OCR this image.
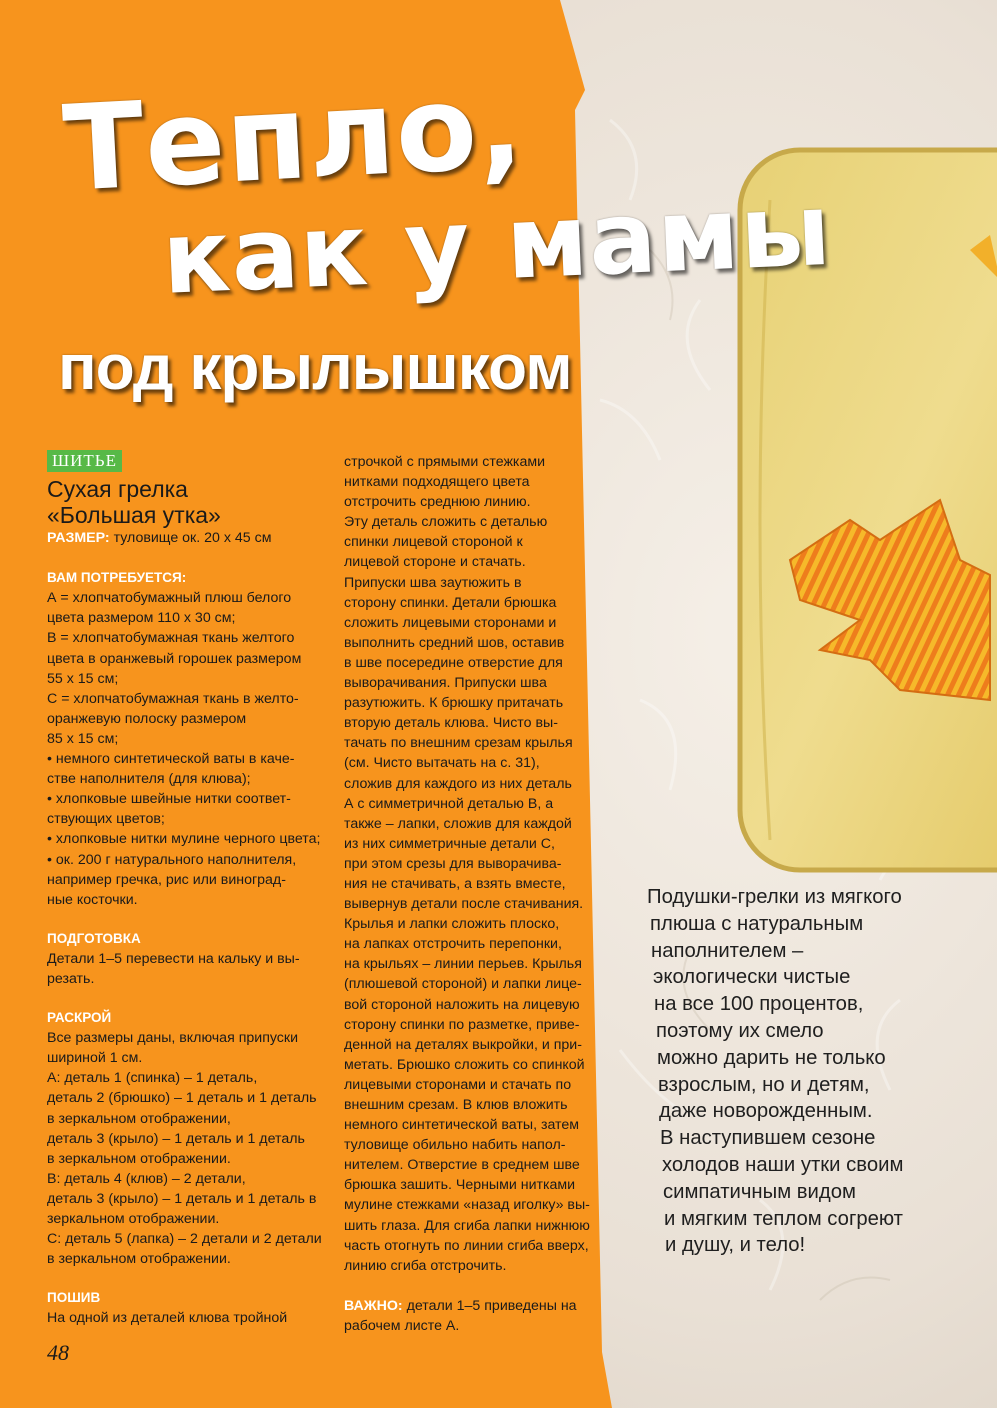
Тепло,
как у мамы
под крылышком
ШИТЬЕ
Сухая грелка
«Большая утка»
РАЗМЕР: туловище ок. 20 х 45 см
ВАМ ПОТРЕБУЕТСЯ:
А = хлопчатобумажный плюш белого
цвета размером 110 х 30 см;
В = хлопчатобумажная ткань желтого
цвета в оранжевый горошек размером
55 х 15 см;
С = хлопчатобумажная ткань в желто-
оранжевую полоску размером
85 х 15 см;
• немного синтетической ваты в каче-
стве наполнителя (для клюва);
• хлопковые швейные нитки соответ-
ствующих цветов;
• хлопковые нитки мулине черного цвета;
• ок. 200 г натурального наполнителя,
например гречка, рис или виноград-
ные косточки.
ПОДГОТОВКА
Детали 1–5 перевести на кальку и вы-
резать.
РАСКРОЙ
Все размеры даны, включая припуски
шириной 1 см.
А: деталь 1 (спинка) – 1 деталь,
деталь 2 (брюшко) – 1 деталь и 1 деталь
в зеркальном отображении,
деталь 3 (крыло) – 1 деталь и 1 деталь
в зеркальном отображении.
В: деталь 4 (клюв) – 2 детали,
деталь 3 (крыло) – 1 деталь и 1 деталь в
зеркальном отображении.
С: деталь 5 (лапка) – 2 детали и 2 детали
в зеркальном отображении.
ПОШИВ
На одной из деталей клюва тройной
строчкой с прямыми стежками
нитками подходящего цвета
отстрочить среднюю линию.
Эту деталь сложить с деталью
спинки лицевой стороной к
лицевой стороне и стачать.
Припуски шва заутюжить в
сторону спинки. Детали брюшка
сложить лицевыми сторонами и
выполнить средний шов, оставив
в шве посередине отверстие для
выворачивания. Припуски шва
разутюжить. К брюшку притачать
вторую деталь клюва. Чисто вы-
тачать по внешним срезам крылья
(см. Чисто вытачать на с. 31),
сложив для каждого из них деталь
А с симметричной деталью В, а
также – лапки, сложив для каждой
из них симметричные детали С,
при этом срезы для выворачива-
ния не стачивать, а взять вместе,
вывернув детали после стачивания.
Крылья и лапки сложить плоско,
на лапках отстрочить перепонки,
на крыльях – линии перьев. Крылья
(плюшевой стороной) и лапки лице-
вой стороной наложить на лицевую
сторону спинки по разметке, приве-
денной на деталях выкройки, и при-
метать. Брюшко сложить со спинкой
лицевыми сторонами и стачать по
внешним срезам. В клюв вложить
немного синтетической ваты, затем
туловище обильно набить напол-
нителем. Отверстие в среднем шве
брюшка зашить. Черными нитками
мулине стежками «назад иголку» вы-
шить глаза. Для сгиба лапки нижнюю
часть отогнуть по линии сгиба вверх,
линию сгиба отстрочить.
ВАЖНО: детали 1–5 приведены на
рабочем листе А.
48
Подушки-грелки из мягкого
плюша с натуральным
наполнителем –
экологически чистые
на все 100 процентов,
поэтому их смело
можно дарить не только
взрослым, но и детям,
даже новорожденным.
В наступившем сезоне
холодов наши утки своим
симпатичным видом
и мягким теплом согреют
и душу, и тело!
